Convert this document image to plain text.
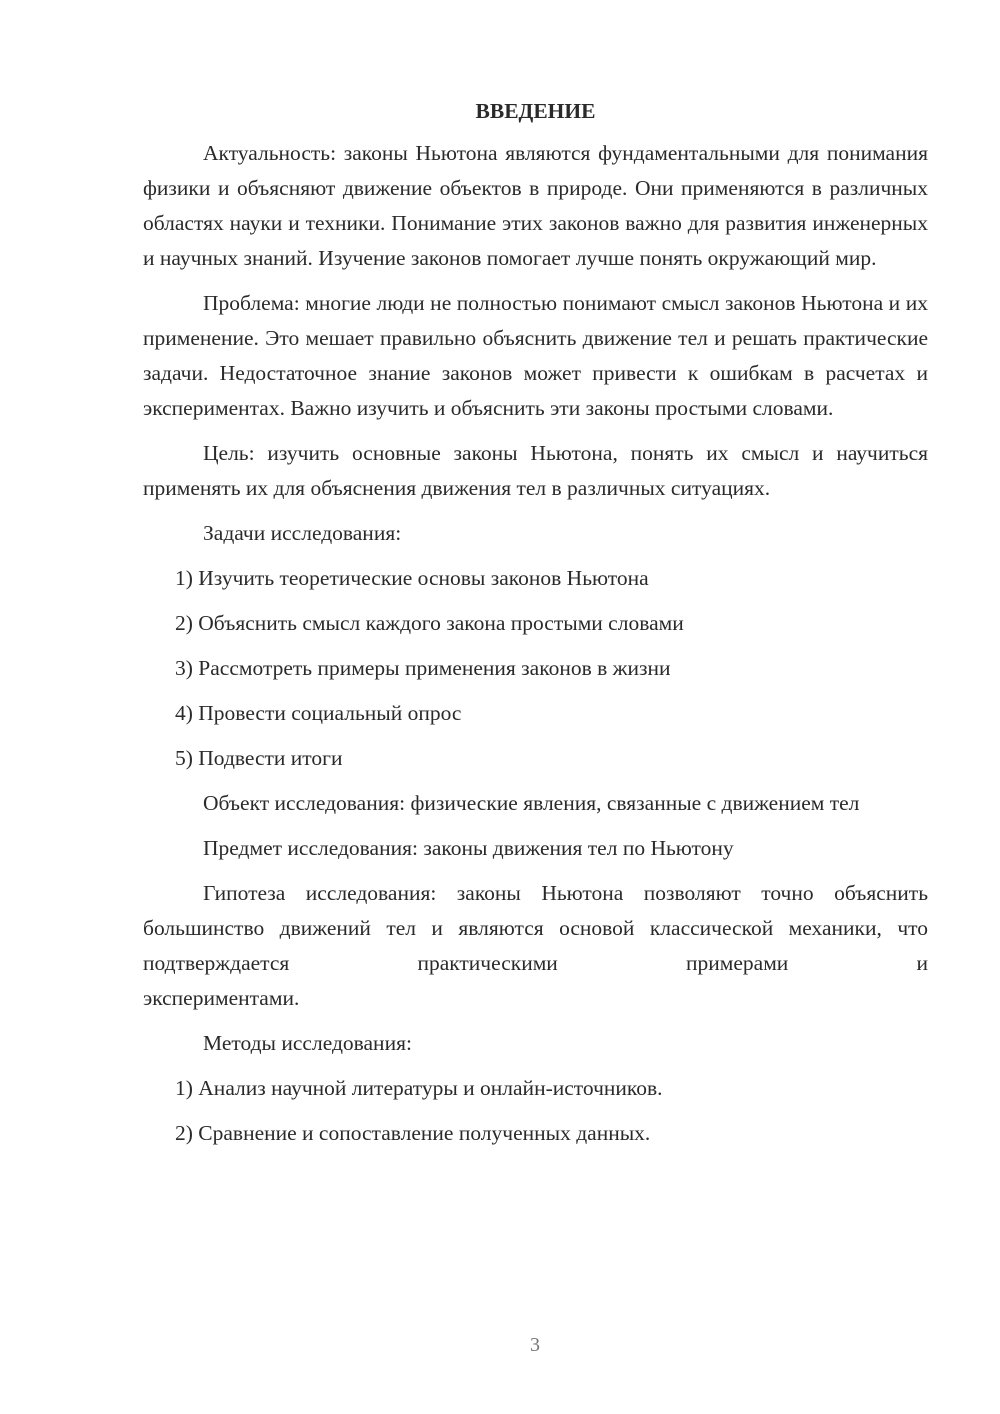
ВВЕДЕНИЕ

Актуальность: законы Ньютона являются фундаментальными для понимания физики и объясняют движение объектов в природе. Они применяются в различных областях науки и техники. Понимание этих законов важно для развития инженерных и научных знаний. Изучение законов помогает лучше понять окружающий мир.

Проблема: многие люди не полностью понимают смысл законов Ньютона и их применение. Это мешает правильно объяснить движение тел и решать практические задачи. Недостаточное знание законов может привести к ошибкам в расчетах и экспериментах. Важно изучить и объяснить эти законы простыми словами.

Цель: изучить основные законы Ньютона, понять их смысл и научиться применять их для объяснения движения тел в различных ситуациях.

Задачи исследования:

1) Изучить теоретические основы законов Ньютона

2) Объяснить смысл каждого закона простыми словами

3) Рассмотреть примеры применения законов в жизни

4) Провести социальный опрос

5) Подвести итоги

Объект исследования: физические явления, связанные с движением тел

Предмет исследования: законы движения тел по Ньютону

Гипотеза исследования: законы Ньютона позволяют точно объяснить большинство движений тел и являются основой классической механики, что подтверждается практическими примерами и

экспериментами.

Методы исследования:

1) Анализ научной литературы и онлайн-источников.

2) Сравнение и сопоставление полученных данных.

3
